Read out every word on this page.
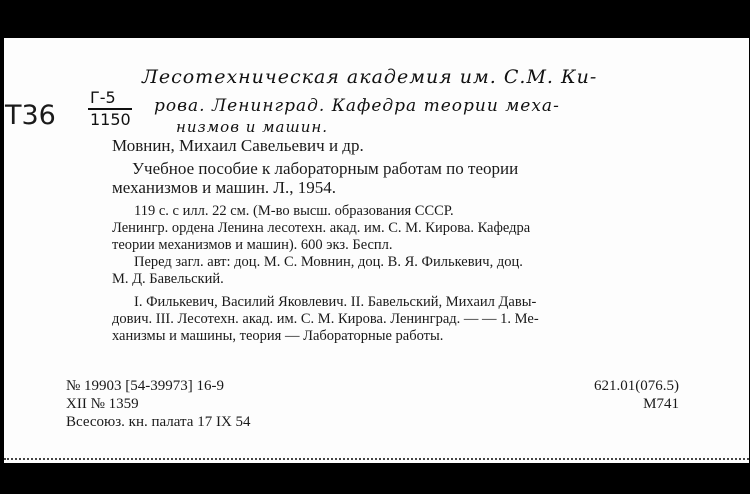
Т36
Г-5
1150
Лесотехническая академия им. С.М. Ки-
рова. Ленинград. Кафедра теории меха-
низмов и машин.
Мовнин, Михаил Савельевич и др.
Учебное пособие к лабораторным работам по теории
механизмов и машин. Л., 1954.
119 с. с илл. 22 см. (М-во высш. образования СССР.
Ленингр. ордена Ленина лесотехн. акад. им. С. М. Кирова. Кафедра
теории механизмов и машин). 600 экз. Беспл.
Перед загл. авт: доц. М. С. Мовнин, доц. В. Я. Филькевич, доц.
М. Д. Бавельский.
I. Филькевич, Василий Яковлевич. II. Бавельский, Михаил Давы-
дович. III. Лесотехн. акад. им. С. М. Кирова. Ленинград. — — 1. Ме-
ханизмы и машины, теория — Лабораторные работы.
№ 19903 [54-39973] 16-9
XII № 1359
Всесоюз. кн. палата 17 IX 54
621.01(076.5)
М741
